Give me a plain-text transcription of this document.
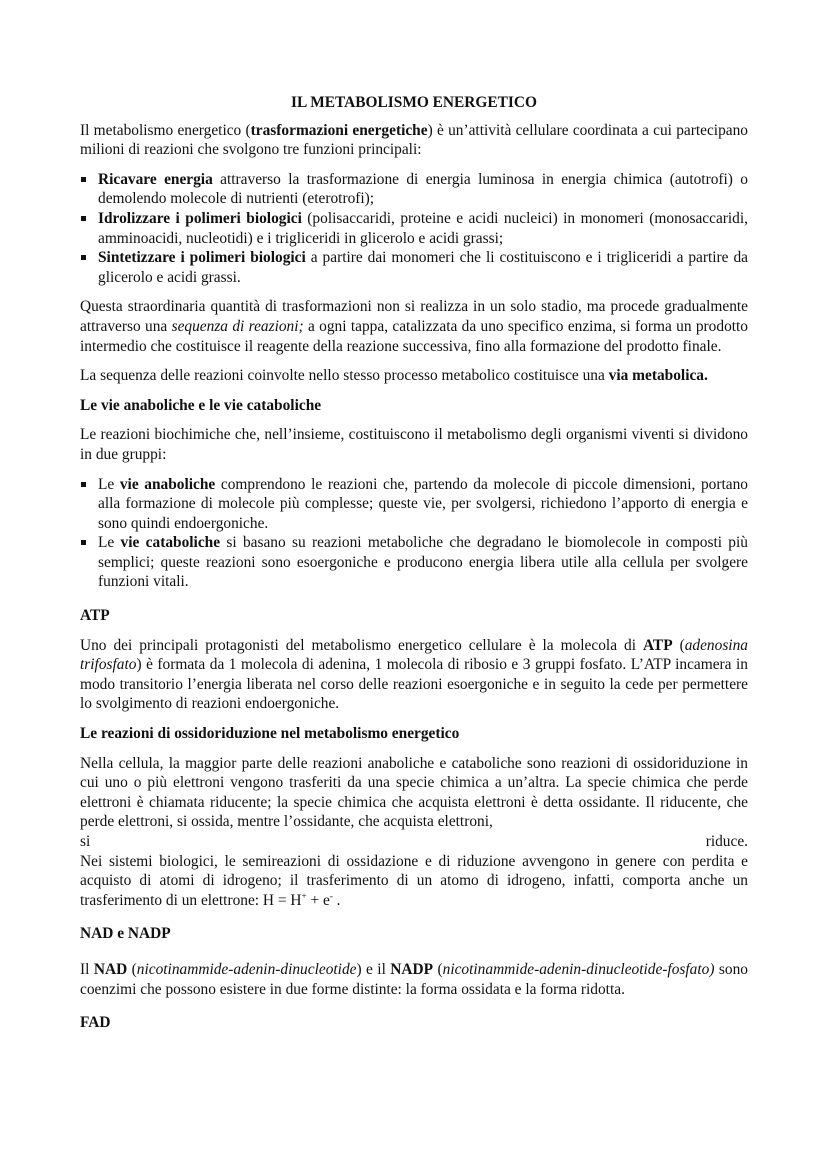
IL METABOLISMO ENERGETICO

Il metabolismo energetico (trasformazioni energetiche) è un’attività cellulare coordinata a cui partecipano milioni di reazioni che svolgono tre funzioni principali:

Ricavare energia attraverso la trasformazione di energia luminosa in energia chimica (autotrofi) o demolendo molecole di nutrienti (eterotrofi);
Idrolizzare i polimeri biologici (polisaccaridi, proteine e acidi nucleici) in monomeri (monosaccaridi, amminoacidi, nucleotidi) e i trigliceridi in glicerolo e acidi grassi;
Sintetizzare i polimeri biologici a partire dai monomeri che li costituiscono e i trigliceridi a partire da glicerolo e acidi grassi.

Questa straordinaria quantità di trasformazioni non si realizza in un solo stadio, ma procede gradualmente attraverso una sequenza di reazioni; a ogni tappa, catalizzata da uno specifico enzima, si forma un prodotto intermedio che costituisce il reagente della reazione successiva, fino alla formazione del prodotto finale.

La sequenza delle reazioni coinvolte nello stesso processo metabolico costituisce una via metabolica.

Le vie anaboliche e le vie cataboliche

Le reazioni biochimiche che, nell’insieme, costituiscono il metabolismo degli organismi viventi si dividono in due gruppi:

Le vie anaboliche comprendono le reazioni che, partendo da molecole di piccole dimensioni, portano alla formazione di molecole più complesse; queste vie, per svolgersi, richiedono l’apporto di energia e sono quindi endoergoniche.
Le vie cataboliche si basano su reazioni metaboliche che degradano le biomolecole in composti più semplici; queste reazioni sono esoergoniche e producono energia libera utile alla cellula per svolgere funzioni vitali.
ATP

Uno dei principali protagonisti del metabolismo energetico cellulare è la molecola di ATP (adenosina trifosfato) è formata da 1 molecola di adenina, 1 molecola di ribosio e 3 gruppi fosfato. L’ATP incamera in modo transitorio l’energia liberata nel corso delle reazioni esoergoniche e in seguito la cede per permettere lo svolgimento di reazioni endoergoniche.

Le reazioni di ossidoriduzione nel metabolismo energetico

Nella cellula, la maggior parte delle reazioni anaboliche e cataboliche sono reazioni di ossidoriduzione in cui uno o più elettroni vengono trasferiti da una specie chimica a un’altra. La specie chimica che perde elettroni è chiamata riducente; la specie chimica che acquista elettroni è detta ossidante. Il riducente, che perde elettroni, si ossida, mentre l’ossidante, che acquista elettroni,

si riduce.

Nei sistemi biologici, le semireazioni di ossidazione e di riduzione avvengono in genere con perdita e acquisto di atomi di idrogeno; il trasferimento di un atomo di idrogeno, infatti, comporta anche un trasferimento di un elettrone: H = H+ + e- .

NAD e NADP

Il NAD (nicotinammide-adenin-dinucleotide) e il NADP (nicotinammide-adenin-dinucleotide-fosfato) sono coenzimi che possono esistere in due forme distinte: la forma ossidata e la forma ridotta.

FAD
